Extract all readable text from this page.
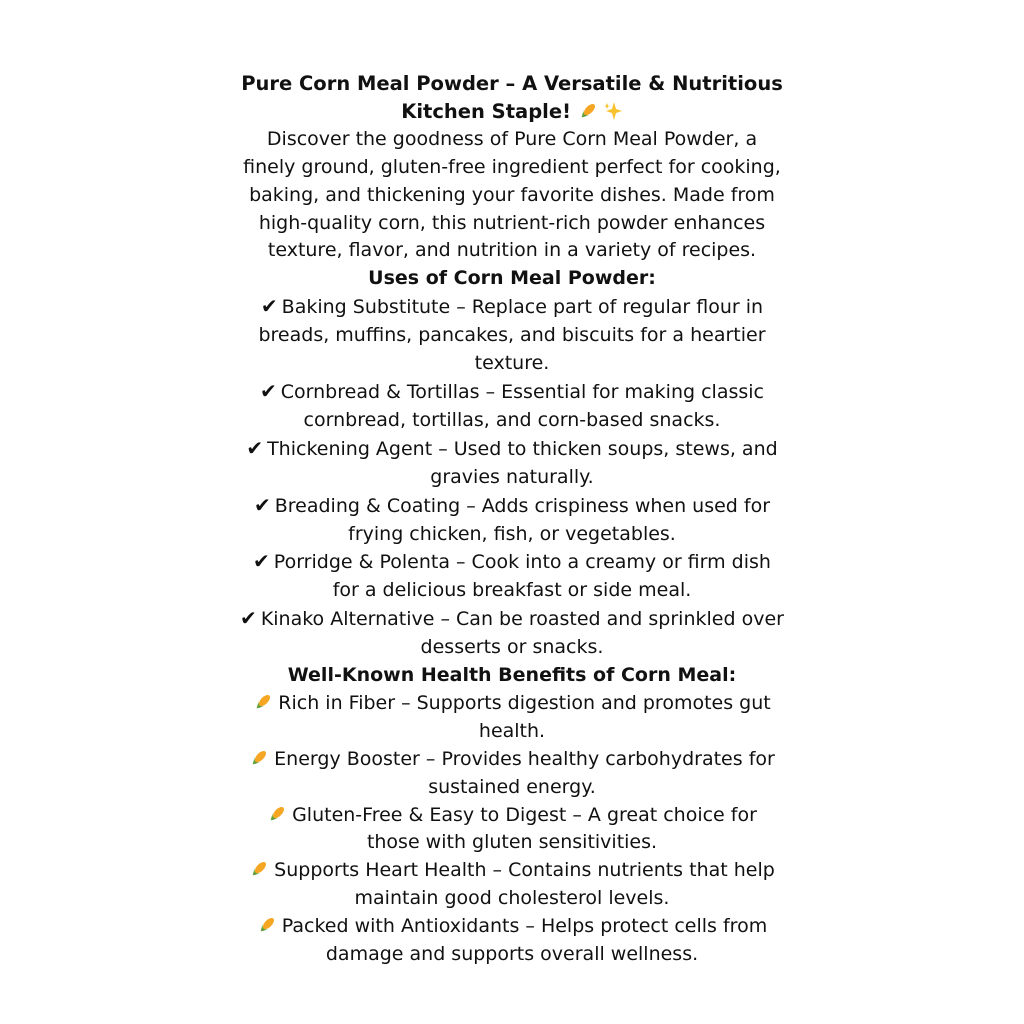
Pure Corn Meal Powder – A Versatile & Nutritious
Kitchen Staple!
Discover the goodness of Pure Corn Meal Powder, a
finely ground, gluten-free ingredient perfect for cooking,
baking, and thickening your favorite dishes. Made from
high-quality corn, this nutrient-rich powder enhances
texture, flavor, and nutrition in a variety of recipes.
Uses of Corn Meal Powder:
✔ Baking Substitute – Replace part of regular flour in
breads, muffins, pancakes, and biscuits for a heartier
texture.
✔ Cornbread & Tortillas – Essential for making classic
cornbread, tortillas, and corn-based snacks.
✔ Thickening Agent – Used to thicken soups, stews, and
gravies naturally.
✔ Breading & Coating – Adds crispiness when used for
frying chicken, fish, or vegetables.
✔ Porridge & Polenta – Cook into a creamy or firm dish
for a delicious breakfast or side meal.
✔ Kinako Alternative – Can be roasted and sprinkled over
desserts or snacks.
Well-Known Health Benefits of Corn Meal:
Rich in Fiber – Supports digestion and promotes gut
health.
Energy Booster – Provides healthy carbohydrates for
sustained energy.
Gluten-Free & Easy to Digest – A great choice for
those with gluten sensitivities.
Supports Heart Health – Contains nutrients that help
maintain good cholesterol levels.
Packed with Antioxidants – Helps protect cells from
damage and supports overall wellness.
